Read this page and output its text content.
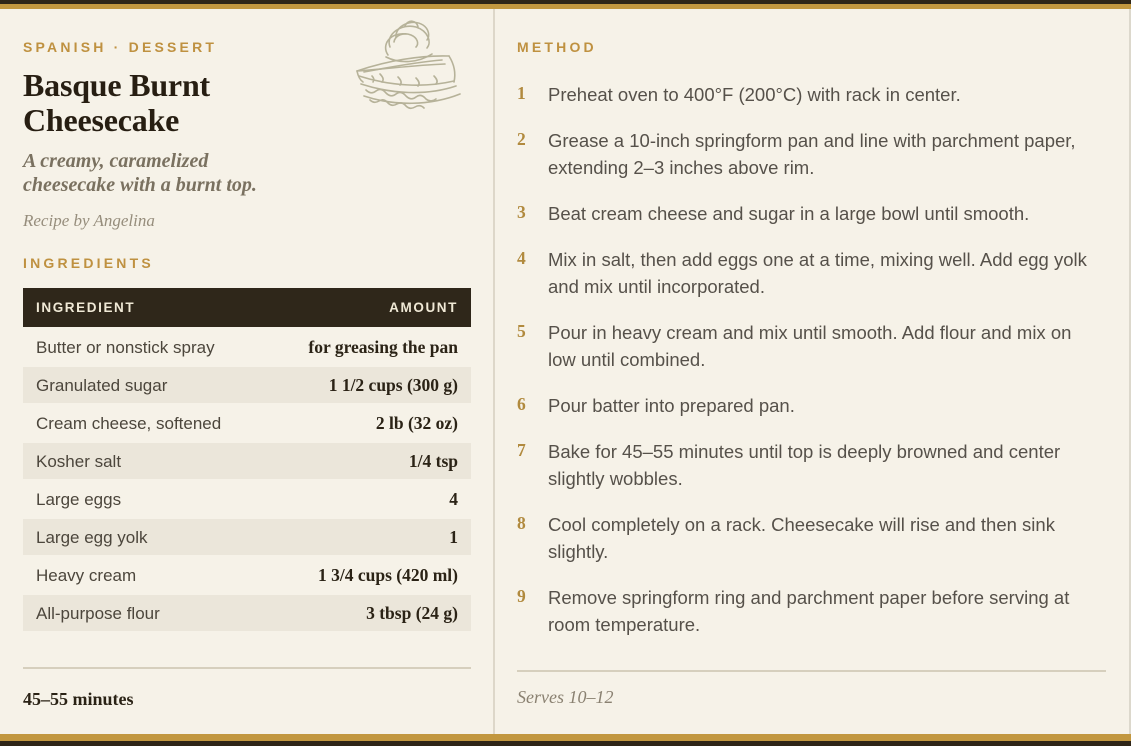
SPANISH · DESSERT
Basque Burnt Cheesecake

A creamy, caramelized cheesecake with a burnt top.

Recipe by Angelina

INGREDIENTS
INGREDIENT	AMOUNT
Butter or nonstick spray	for greasing the pan
Granulated sugar	1 1/2 cups (300 g)
Cream cheese, softened	2 lb (32 oz)
Kosher salt	1/4 tsp
Large eggs	4
Large egg yolk	1
Heavy cream	1 3/4 cups (420 ml)
All-purpose flour	3 tbsp (24 g)
45–55 minutes
METHOD
1	Preheat oven to 400°F (200°C) with rack in center.
2	Grease a 10-inch springform pan and line with parchment paper, extending 2–3 inches above rim.
3	Beat cream cheese and sugar in a large bowl until smooth.
4	Mix in salt, then add eggs one at a time, mixing well. Add egg yolk and mix until incorporated.
5	Pour in heavy cream and mix until smooth. Add flour and mix on low until combined.
6	Pour batter into prepared pan.
7	Bake for 45–55 minutes until top is deeply browned and center slightly wobbles.
8	Cool completely on a rack. Cheesecake will rise and then sink slightly.
9	Remove springform ring and parchment paper before serving at room temperature.
Serves 10–12
